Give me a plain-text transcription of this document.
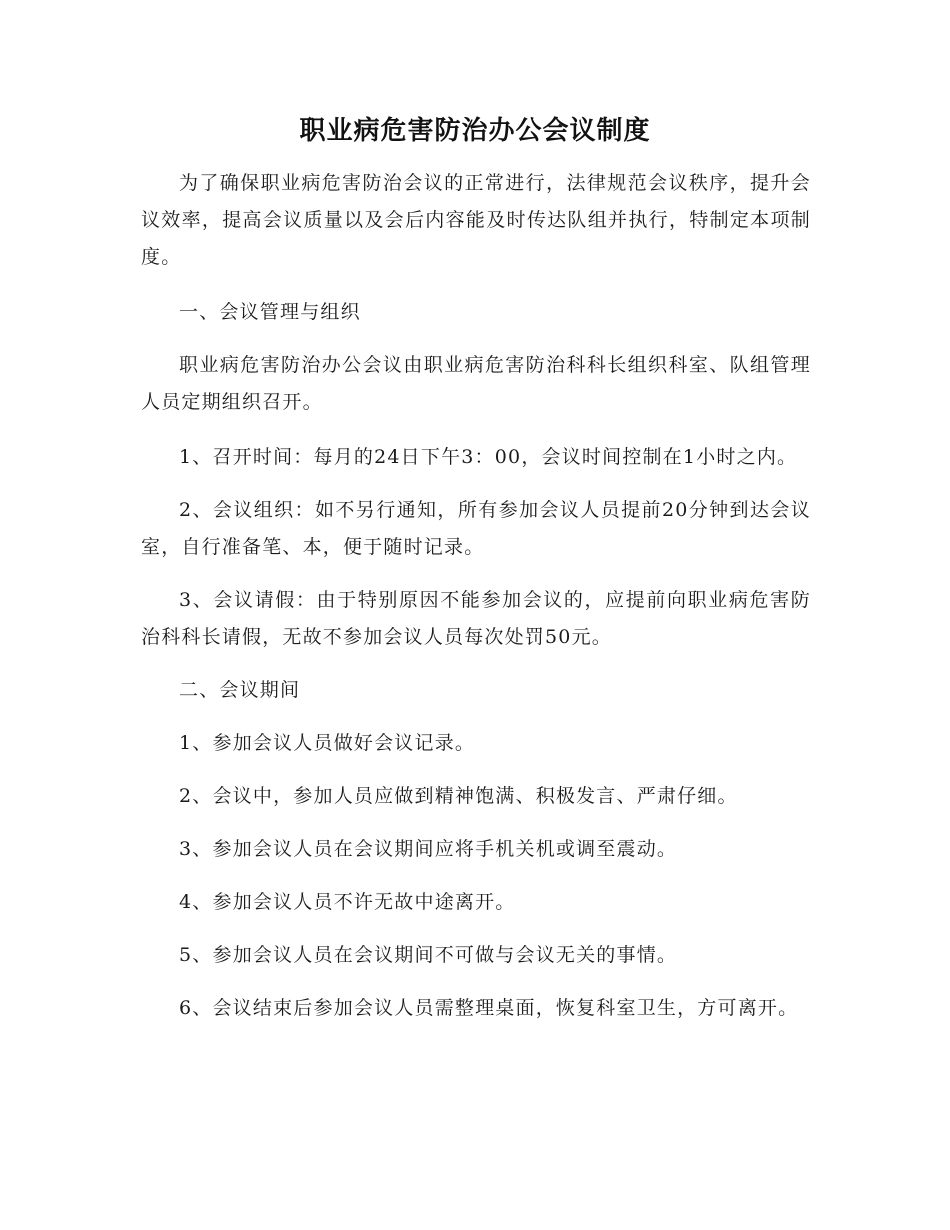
职业病危害防治办公会议制度

为了确保职业病危害防治会议的正常进行，法律规范会议秩序，提升会议效率，提高会议质量以及会后内容能及时传达队组并执行，特制定本项制度。

一、会议管理与组织

职业病危害防治办公会议由职业病危害防治科科长组织科室、队组管理人员定期组织召开。

1、召开时间：每月的24日下午3：00，会议时间控制在1小时之内。

2、会议组织：如不另行通知，所有参加会议人员提前20分钟到达会议室，自行准备笔、本，便于随时记录。

3、会议请假：由于特别原因不能参加会议的，应提前向职业病危害防治科科长请假，无故不参加会议人员每次处罚50元。

二、会议期间

1、参加会议人员做好会议记录。

2、会议中，参加人员应做到精神饱满、积极发言、严肃仔细。

3、参加会议人员在会议期间应将手机关机或调至震动。

4、参加会议人员不许无故中途离开。

5、参加会议人员在会议期间不可做与会议无关的事情。

6、会议结束后参加会议人员需整理桌面，恢复科室卫生，方可离开。
